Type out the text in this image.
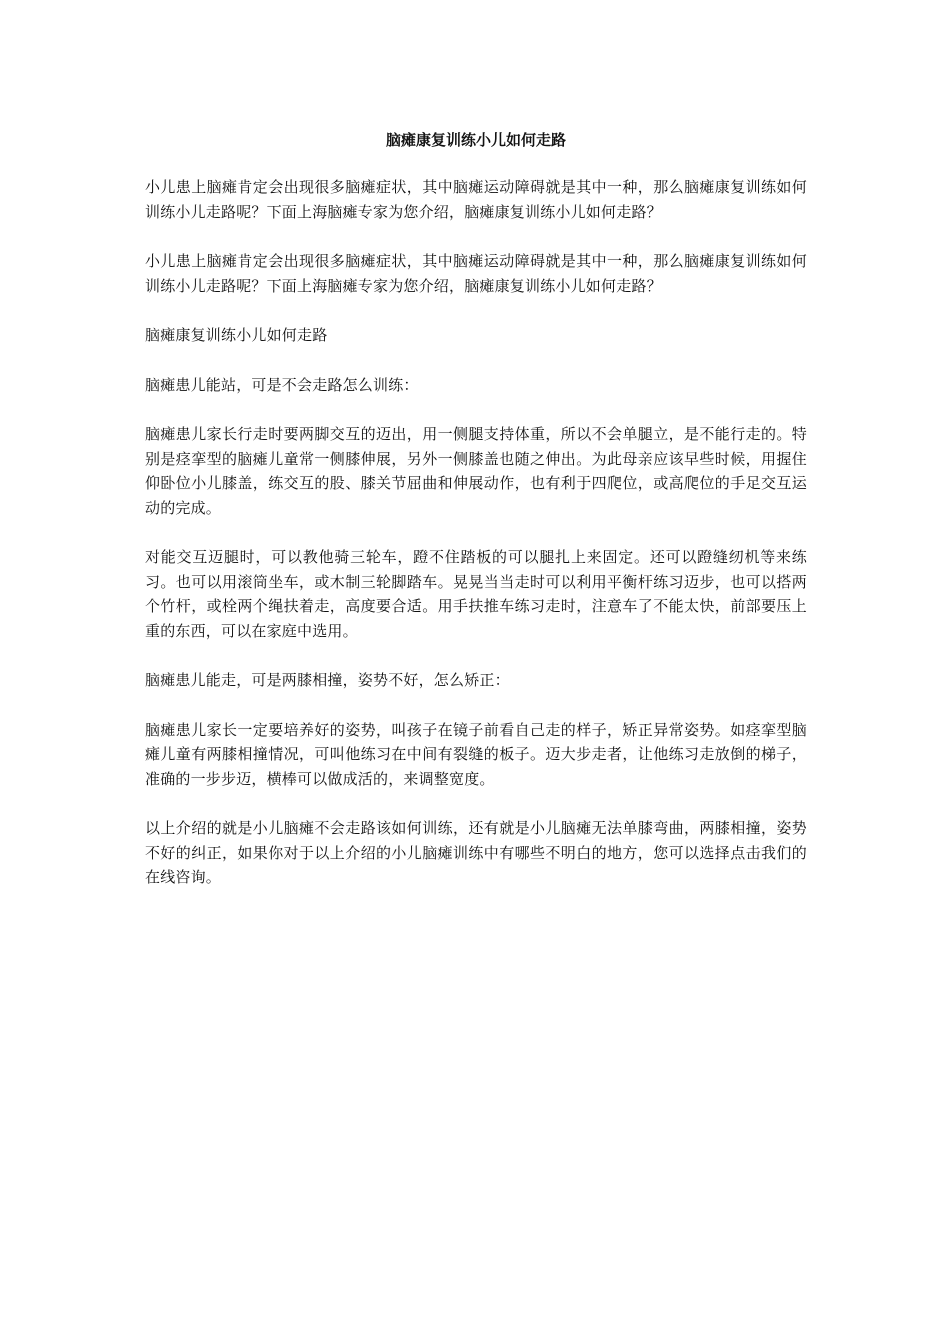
脑瘫康复训练小儿如何走路

小儿患上脑瘫肯定会出现很多脑瘫症状，其中脑瘫运动障碍就是其中一种，那么脑瘫康复训练如何训练小儿走路呢？下面上海脑瘫专家为您介绍，脑瘫康复训练小儿如何走路？

小儿患上脑瘫肯定会出现很多脑瘫症状，其中脑瘫运动障碍就是其中一种，那么脑瘫康复训练如何训练小儿走路呢？下面上海脑瘫专家为您介绍，脑瘫康复训练小儿如何走路？

脑瘫康复训练小儿如何走路

脑瘫患儿能站，可是不会走路怎么训练：

脑瘫患儿家长行走时要两脚交互的迈出，用一侧腿支持体重，所以不会单腿立，是不能行走的。特别是痉挛型的脑瘫儿童常一侧膝伸展，另外一侧膝盖也随之伸出。为此母亲应该早些时候，用握住仰卧位小儿膝盖，练交互的股、膝关节屈曲和伸展动作，也有利于四爬位，或高爬位的手足交互运动的完成。

对能交互迈腿时，可以教他骑三轮车，蹬不住踏板的可以腿扎上来固定。还可以蹬缝纫机等来练习。也可以用滚筒坐车，或木制三轮脚踏车。晃晃当当走时可以利用平衡杆练习迈步，也可以搭两个竹杆，或栓两个绳扶着走，高度要合适。用手扶推车练习走时，注意车了不能太快，前部要压上重的东西，可以在家庭中选用。

脑瘫患儿能走，可是两膝相撞，姿势不好，怎么矫正：

脑瘫患儿家长一定要培养好的姿势，叫孩子在镜子前看自己走的样子，矫正异常姿势。如痉挛型脑瘫儿童有两膝相撞情况，可叫他练习在中间有裂缝的板子。迈大步走者，让他练习走放倒的梯子，准确的一步步迈，横棒可以做成活的，来调整宽度。

以上介绍的就是小儿脑瘫不会走路该如何训练，还有就是小儿脑瘫无法单膝弯曲，两膝相撞，姿势不好的纠正，如果你对于以上介绍的小儿脑瘫训练中有哪些不明白的地方，您可以选择点击我们的在线咨询。
